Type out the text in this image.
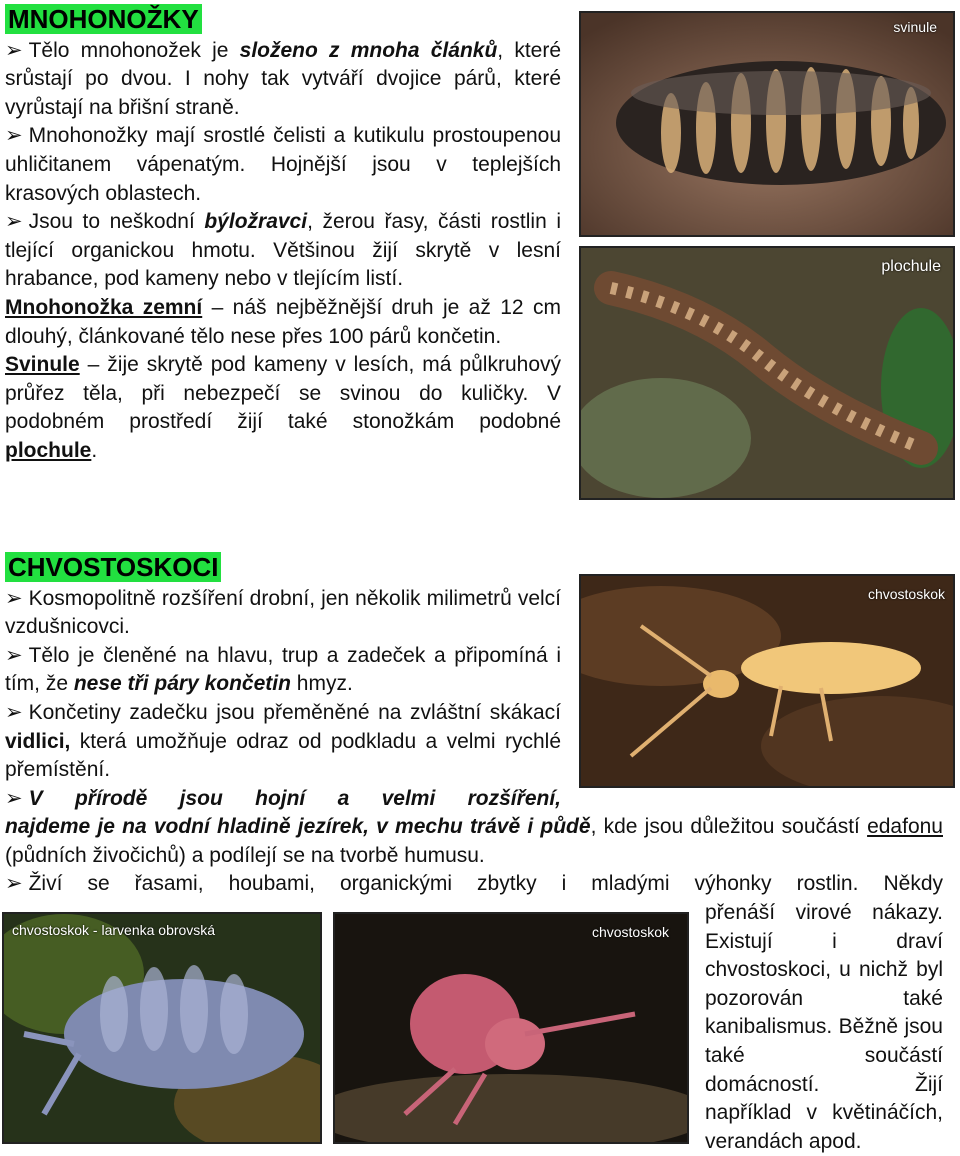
MNOHONOŽKY
➢ Tělo mnohonožek je složeno z mnoha článků, které srůstají po dvou. I nohy tak vytváří dvojice párů, které vyrůstají na břišní straně.
➢ Mnohonožky mají srostlé čelisti a kutikulu prostoupenou uhličitanem vápenatým. Hojnější jsou v teplejších krasových oblastech.
➢ Jsou to neškodní býložravci, žerou řasy, části rostlin i tlející organickou hmotu. Většinou žijí skrytě v lesní hrabance, pod kameny nebo v tlejícím listí.
Mnohonožka zemní – náš nejběžnější druh je až 12 cm dlouhý, článkované tělo nese přes 100 párů končetin.
Svinule – žije skrytě pod kameny v lesích, má půlkruhový průřez těla, při nebezpečí se svinou do kuličky. V podobném prostředí žijí také stonožkám podobné plochule.
svinule
plochule
CHVOSTOSKOCI
➢ Kosmopolitně rozšíření drobní, jen několik milimetrů velcí vzdušnicovci.
➢ Tělo je členěné na hlavu, trup a zadeček a připomíná i tím, že nese tři páry končetin hmyz.
➢ Končetiny zadečku jsou přeměněné na zvláštní skákací vidlici, která umožňuje odraz od podkladu a velmi rychlé přemístění.
➢ V přírodě jsou hojní a velmi rozšíření,
najdeme je na vodní hladině jezírek, v mechu trávě i půdě, kde jsou důležitou součástí edafonu (půdních živočichů) a podílejí se na tvorbě humusu.
➢ Živí se řasami, houbami, organickými zbytky i mladými výhonky rostlin. Někdy
přenáší virové nákazy. Existují i draví chvostoskoci, u nichž byl pozorován také kanibalismus. Běžně jsou také součástí domácností. Žijí například v květináčích, verandách apod.
chvostoskok
chvostoskok - larvenka obrovská	chvostoskok
